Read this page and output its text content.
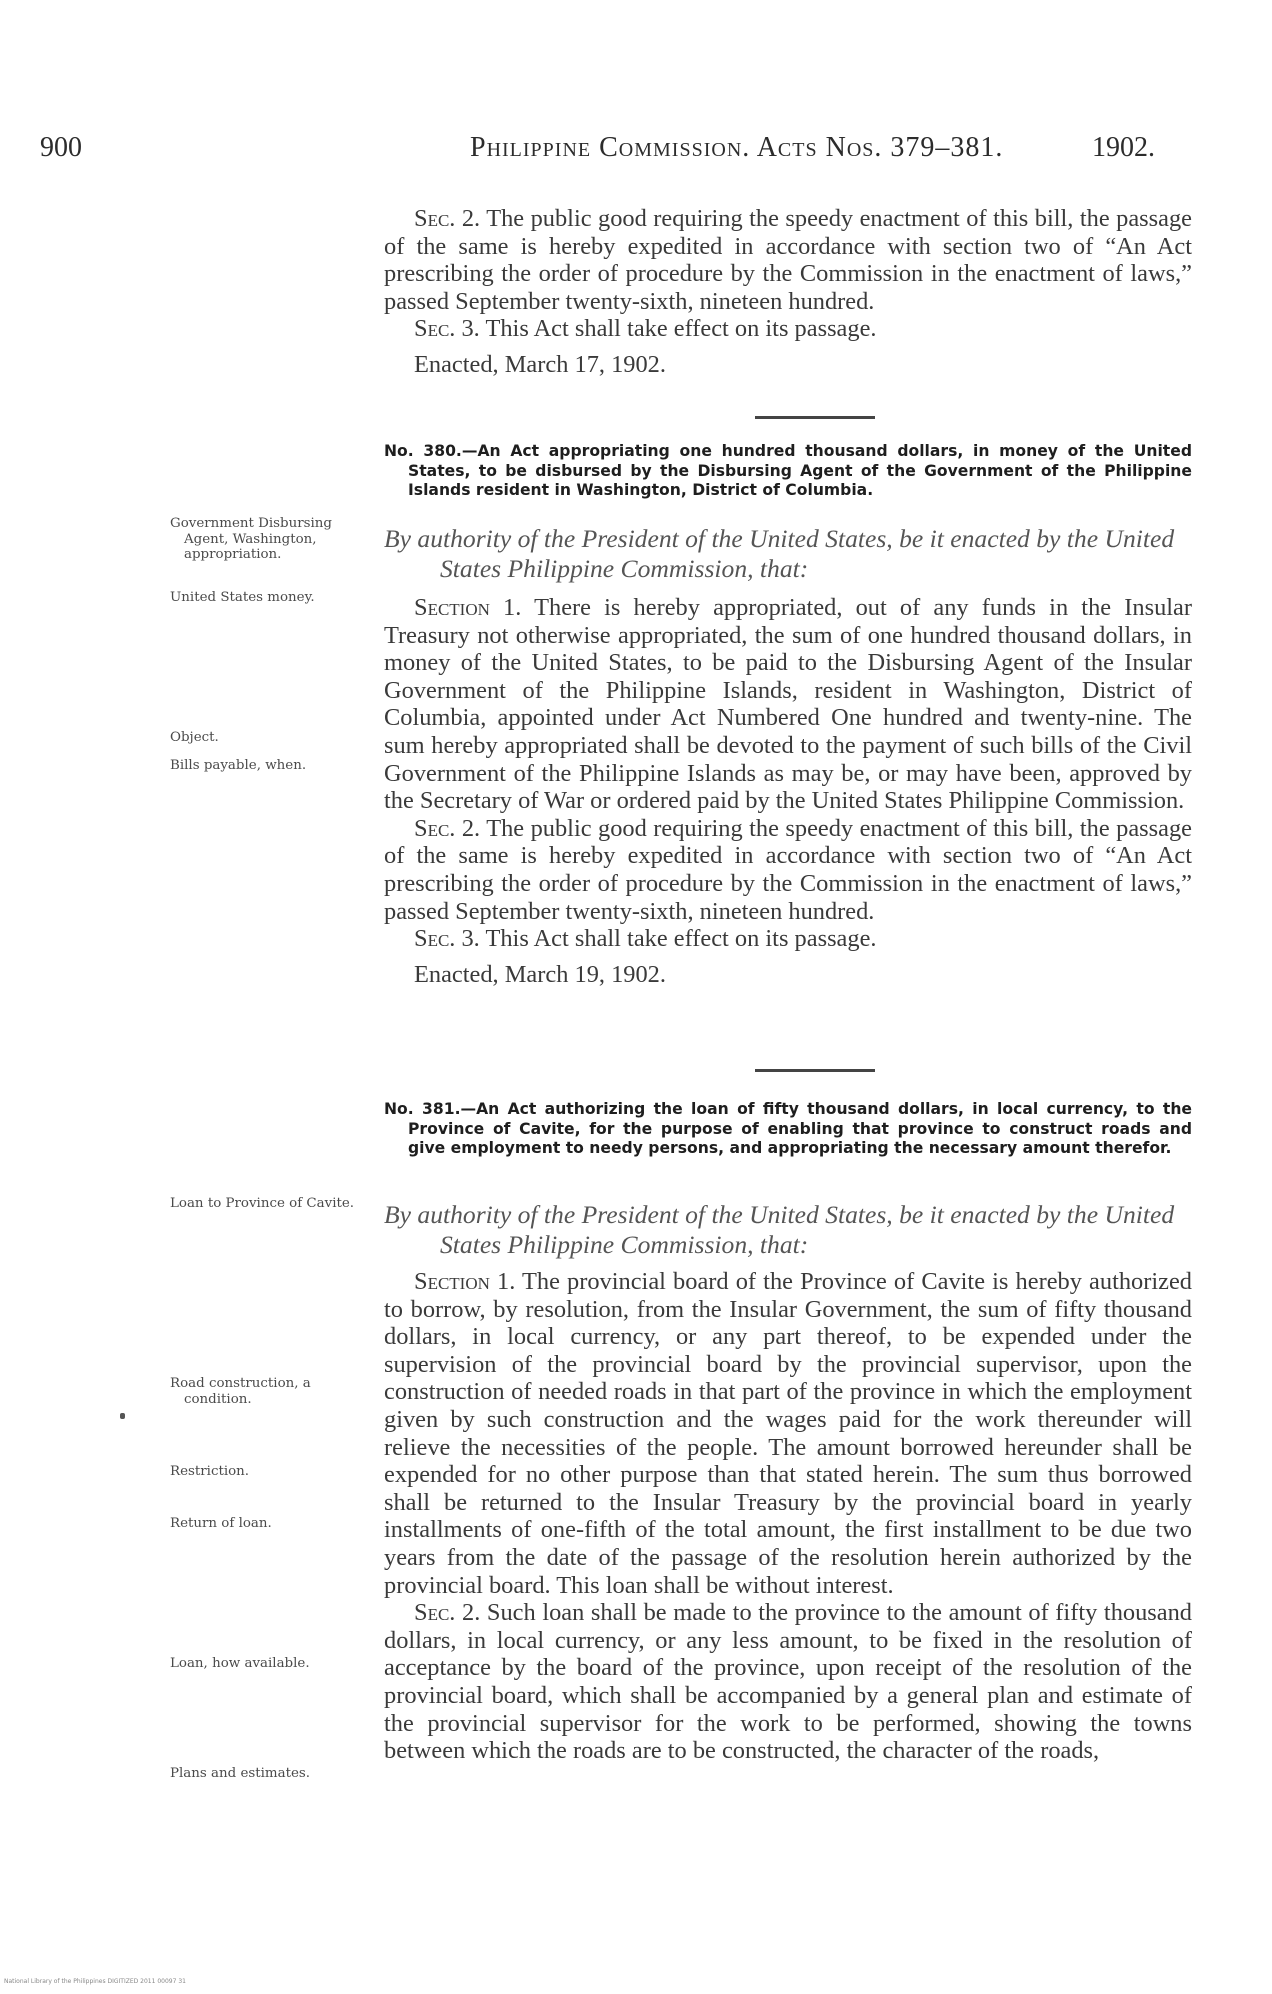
900	Philippine Commission. Acts Nos. 379–381.	1902.

Sec. 2. The public good requiring the speedy enactment of this bill, the passage of the same is hereby expedited in accordance with section two of “An Act prescribing the order of procedure by the Commission in the enactment of laws,” passed September twenty-sixth, nineteen hundred.

Sec. 3. This Act shall take effect on its passage.

Enacted, March 17, 1902.

No. 380.—An Act appropriating one hundred thousand dollars, in money of the United States, to be disbursed by the Disbursing Agent of the Government of the Philippine Islands resident in Washington, District of Columbia.

By authority of the President of the United States, be it enacted by the United States Philippine Commission, that:

Section 1. There is hereby appropriated, out of any funds in the Insular Treasury not otherwise appropriated, the sum of one hundred thousand dollars, in money of the United States, to be paid to the Disbursing Agent of the Insular Government of the Philippine Islands, resident in Washington, District of Columbia, appointed under Act Numbered One hundred and twenty-nine. The sum hereby appropriated shall be devoted to the payment of such bills of the Civil Government of the Philippine Islands as may be, or may have been, approved by the Secretary of War or ordered paid by the United States Philippine Commission.

Sec. 2. The public good requiring the speedy enactment of this bill, the passage of the same is hereby expedited in accordance with section two of “An Act prescribing the order of procedure by the Commission in the enactment of laws,” passed September twenty-sixth, nineteen hundred.

Sec. 3. This Act shall take effect on its passage.

Enacted, March 19, 1902.

No. 381.—An Act authorizing the loan of fifty thousand dollars, in local currency, to the Province of Cavite, for the purpose of enabling that province to construct roads and give employment to needy persons, and appropriating the necessary amount therefor.

By authority of the President of the United States, be it enacted by the United States Philippine Commission, that:

Section 1. The provincial board of the Province of Cavite is hereby authorized to borrow, by resolution, from the Insular Government, the sum of fifty thousand dollars, in local currency, or any part thereof, to be expended under the supervision of the provincial board by the provincial supervisor, upon the construction of needed roads in that part of the province in which the employment given by such construction and the wages paid for the work thereunder will relieve the necessities of the people. The amount borrowed hereunder shall be expended for no other purpose than that stated herein. The sum thus borrowed shall be returned to the Insular Treasury by the provincial board in yearly installments of one-fifth of the total amount, the first installment to be due two years from the date of the passage of the resolution herein authorized by the provincial board. This loan shall be without interest.

Sec. 2. Such loan shall be made to the province to the amount of fifty thousand dollars, in local currency, or any less amount, to be fixed in the resolution of acceptance by the board of the province, upon receipt of the resolution of the provincial board, which shall be accompanied by a general plan and estimate of the provincial supervisor for the work to be performed, showing the towns between which the roads are to be constructed, the character of the roads,

Government Disbursing Agent, Washington, appropriation.

United States money.

Object.

Bills payable, when.

Loan to Province of Cavite.

Road construction, a condition.

Restriction.

Return of loan.

Loan, how available.

Plans and estimates.

National Library of the Philippines DIGITIZED 2011 00097 31
